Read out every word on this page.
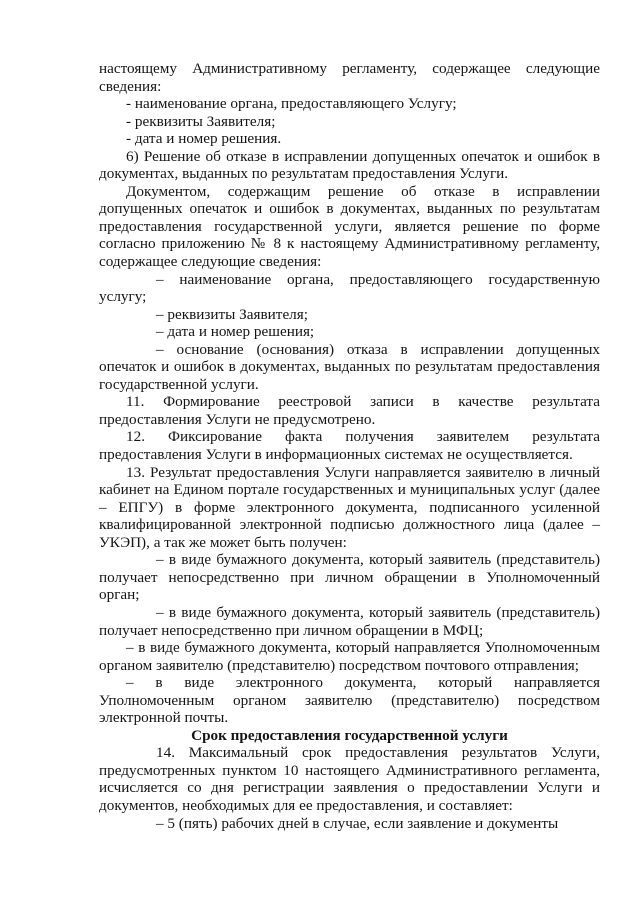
настоящему Административному регламенту, содержащее следующие сведения:

- наименование органа, предоставляющего Услугу;

- реквизиты Заявителя;

- дата и номер решения.

6) Решение об отказе в исправлении допущенных опечаток и ошибок в документах, выданных по результатам предоставления Услуги.

Документом, содержащим решение об отказе в исправлении допущенных опечаток и ошибок в документах, выданных по результатам предоставления государственной услуги, является решение по форме согласно приложению № 8 к настоящему Административному регламенту, содержащее следующие сведения:

– наименование органа, предоставляющего государственную услугу;

– реквизиты Заявителя;

– дата и номер решения;

– основание (основания) отказа в исправлении допущенных опечаток и ошибок в документах, выданных по результатам предоставления государственной услуги.

11. Формирование реестровой записи в качестве результата предоставления Услуги не предусмотрено.

12. Фиксирование факта получения заявителем результата предоставления Услуги в информационных системах не осуществляется.

13. Результат предоставления Услуги направляется заявителю в личный кабинет на Едином портале государственных и муниципальных услуг (далее – ЕПГУ) в форме электронного документа, подписанного усиленной квалифицированной электронной подписью должностного лица (далее – УКЭП), а так же может быть получен:

– в виде бумажного документа, который заявитель (представитель) получает непосредственно при личном обращении в Уполномоченный орган;

– в виде бумажного документа, который заявитель (представитель) получает непосредственно при личном обращении в МФЦ;

– в виде бумажного документа, который направляется Уполномоченным органом заявителю (представителю) посредством почтового отправления;

– в виде электронного документа, который направляется Уполномоченным органом заявителю (представителю) посредством электронной почты.

Срок предоставления государственной услуги

14. Максимальный срок предоставления результатов Услуги, предусмотренных пунктом 10 настоящего Административного регламента, исчисляется со дня регистрации заявления о предоставлении Услуги и документов, необходимых для ее предоставления, и составляет:

– 5 (пять) рабочих дней в случае, если заявление и документы
